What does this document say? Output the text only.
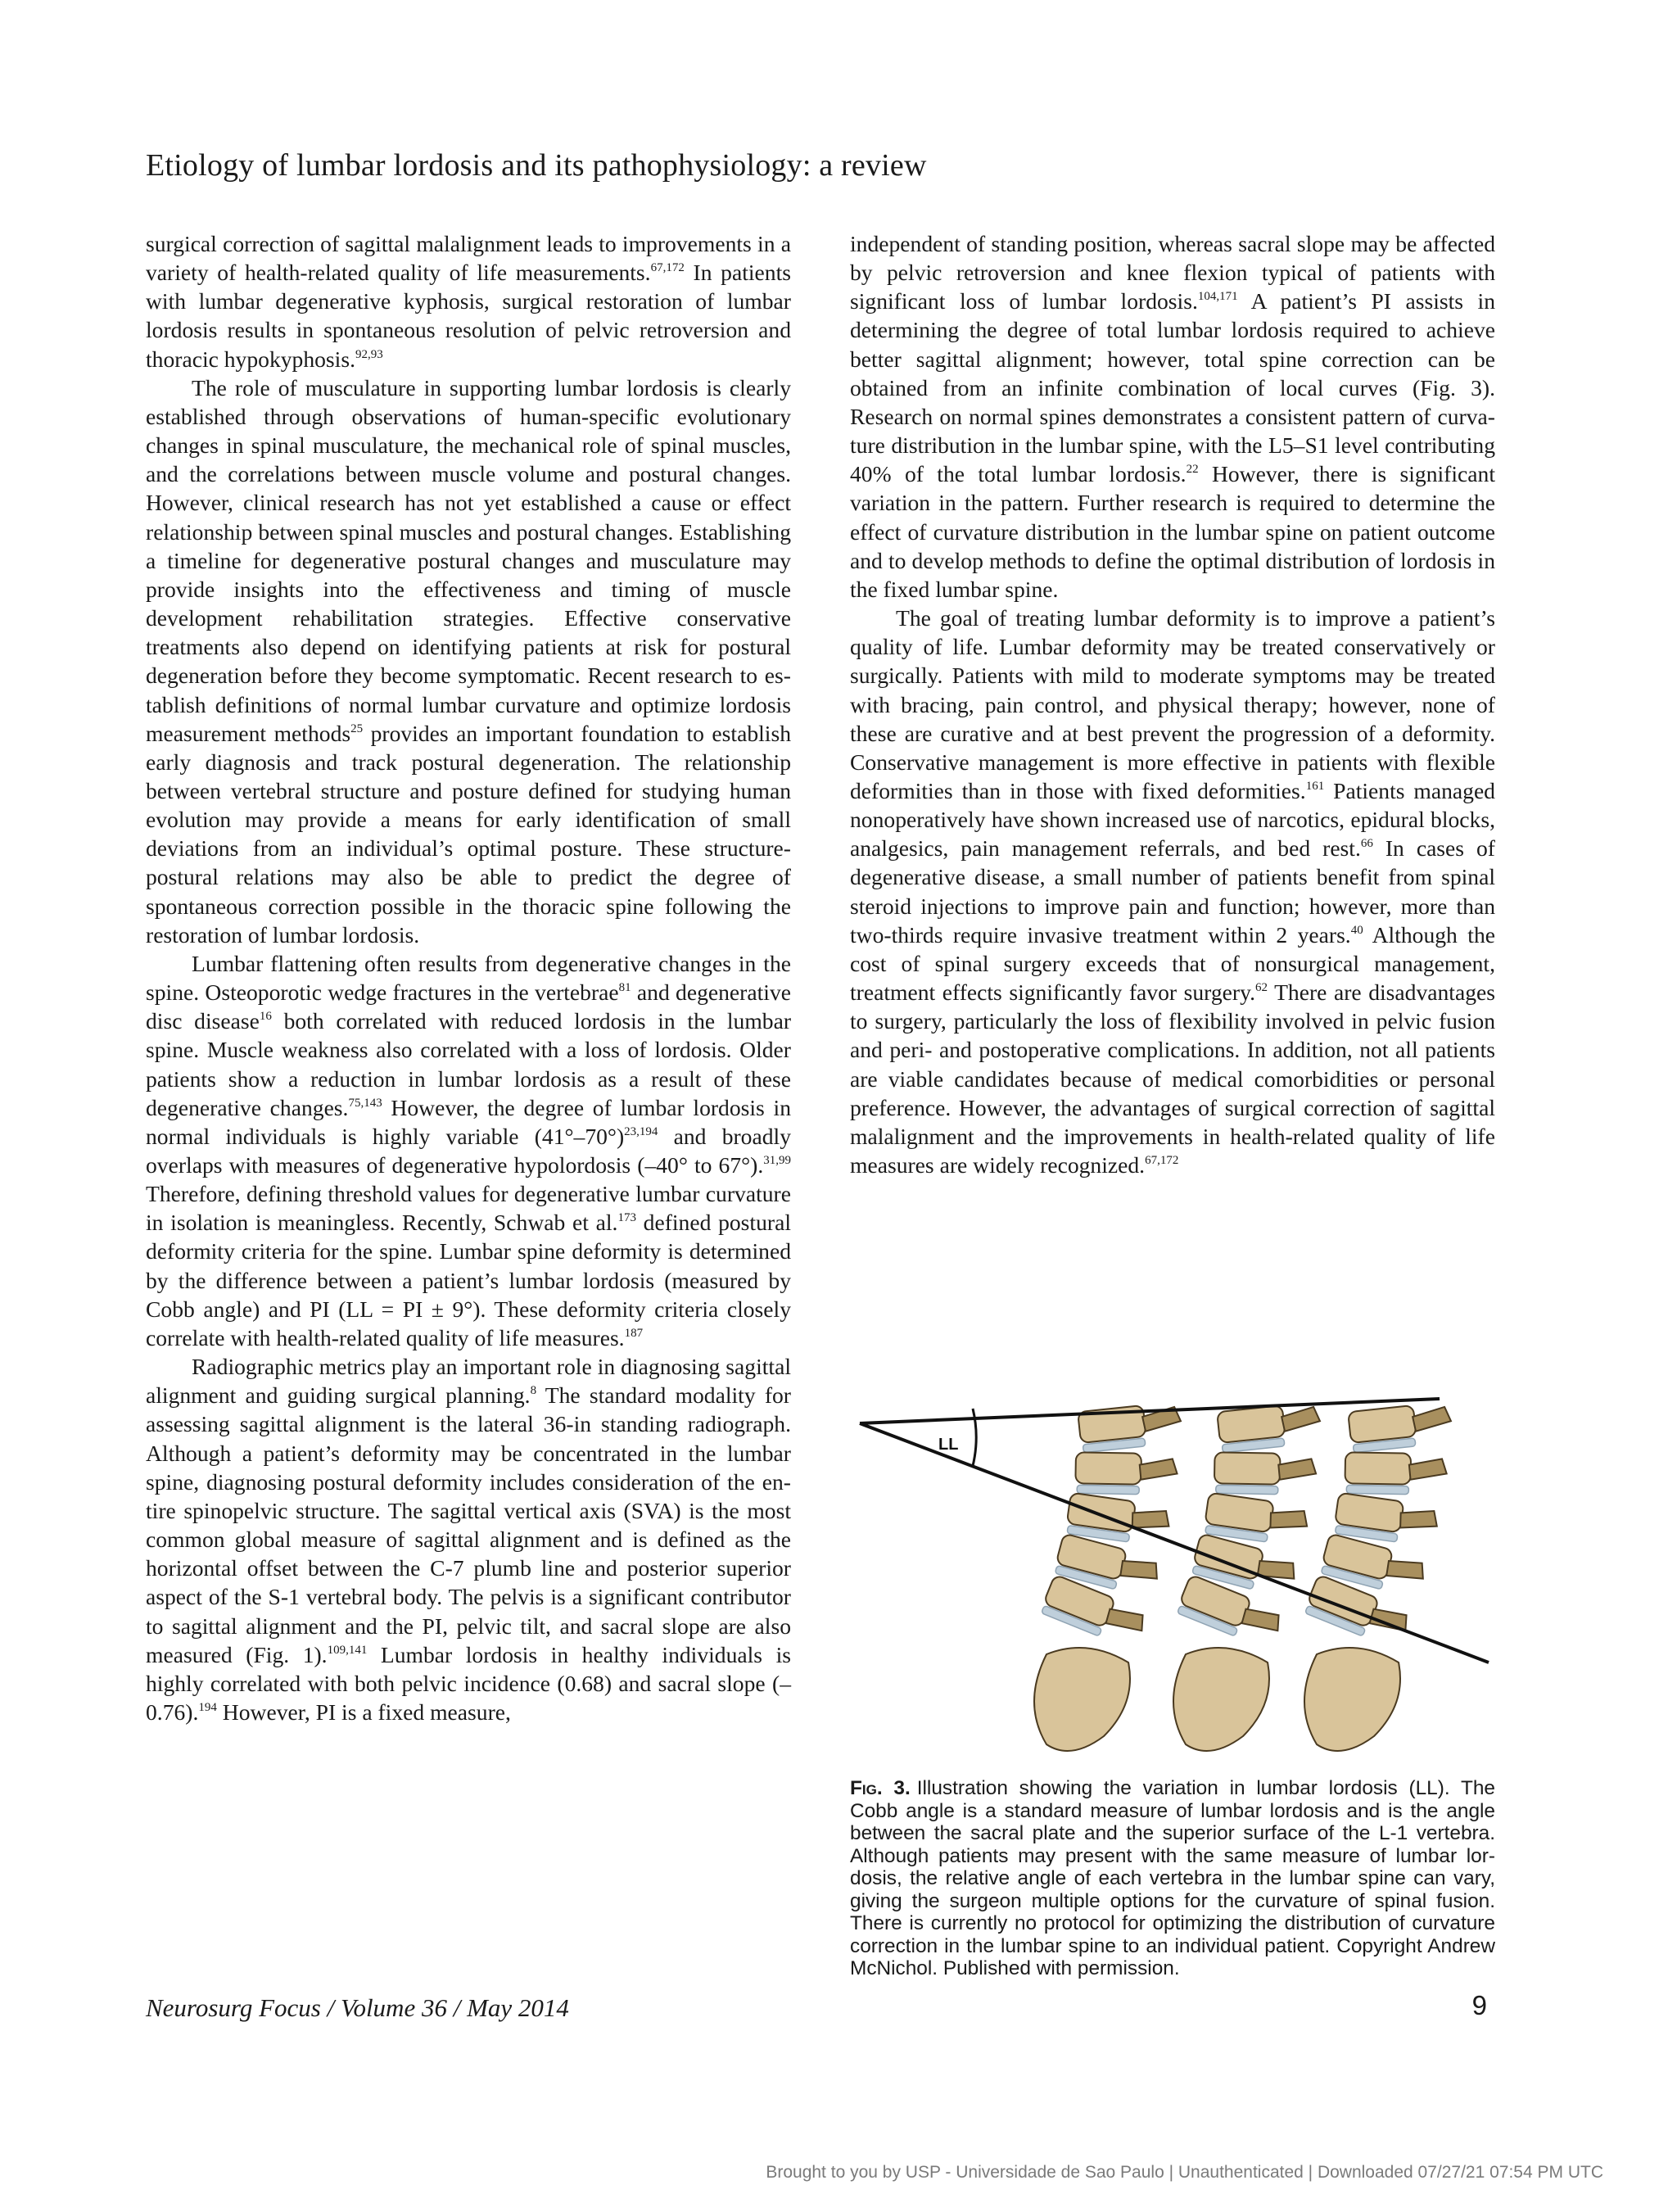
Etiology of lumbar lordosis and its pathophysiology: a review

surgical correction of sagittal malalignment leads to improvements in a variety of health-related quality of life measurements.$^{67,172}$ In patients with lumbar degenerative kyphosis, surgical restoration of lumbar lordosis results in spontaneous resolution of pelvic retroversion and thoracic hypokyphosis.$^{92,93}$

The role of musculature in supporting lumbar lordosis is clearly established through observations of human-specific evolutionary changes in spinal musculature, the mechanical role of spinal muscles, and the correlations between muscle volume and postural changes. However, clinical research has not yet established a cause or effect relationship between spinal muscles and postural changes. Establishing a timeline for degenerative postural changes and musculature may provide insights into the effectiveness and timing of muscle development rehabilitation strategies. Effective conservative treatments also depend on identifying patients at risk for postural degeneration before they become symptomatic. Recent research to establish definitions of normal lumbar curvature and optimize lordosis measurement methods$^{25}$ provides an important foundation to establish early diagnosis and track postural degeneration. The relationship between vertebral structure and posture defined for studying human evolution may provide a means for early identification of small deviations from an individual’s optimal posture. These structure-postural relations may also be able to predict the degree of spontaneous correction possible in the thoracic spine following the restoration of lumbar lordosis.

Lumbar flattening often results from degenerative changes in the spine. Osteoporotic wedge fractures in the vertebrae$^{81}$ and degenerative disc disease$^{16}$ both correlated with reduced lordosis in the lumbar spine. Muscle weakness also correlated with a loss of lordosis. Older patients show a reduction in lumbar lordosis as a result of these degenerative changes.$^{75,143}$ However, the degree of lumbar lordosis in normal individuals is highly variable $(41^\circ-70^\circ)^{23,194}$ and broadly overlaps with measures of degenerative hypolordosis (–40° to 67°).$^{31,99}$ Therefore, defining threshold values for degenerative lumbar curvature in isolation is meaningless. Recently, Schwab et al.$^{173}$ defined postural deformity criteria for the spine. Lumbar spine deformity is determined by the difference between a patient’s lumbar lordosis (measured by Cobb angle) and PI (LL = PI ± 9°). These deformity criteria closely correlate with health-related quality of life measures.$^{187}$

Radiographic metrics play an important role in diagnosing sagittal alignment and guiding surgical planning.$^8$ The standard modality for assessing sagittal alignment is the lateral 36-in standing radiograph. Although a patient’s deformity may be concentrated in the lumbar spine, diagnosing postural deformity includes consideration of the entire spinopelvic structure. The sagittal vertical axis (SVA) is the most common global measure of sagittal alignment and is defined as the horizontal offset between the C-7 plumb line and posterior superior aspect of the S-1 vertebral body. The pelvis is a significant contributor to sagittal alignment and the PI, pelvic tilt, and sacral slope are also measured (Fig. 1).$^{109,141}$ Lumbar lordosis in healthy individuals is highly correlated with both pelvic incidence (0.68) and sacral slope (–0.76).$^{194}$ However, PI is a fixed measure,

independent of standing position, whereas sacral slope may be affected by pelvic retroversion and knee flexion typical of patients with significant loss of lumbar lordosis.$^{104,171}$ A patient’s PI assists in determining the degree of total lumbar lordosis required to achieve better sagittal alignment; however, total spine correction can be obtained from an infinite combination of local curves (Fig. 3). Research on normal spines demonstrates a consistent pattern of curvature distribution in the lumbar spine, with the L5–S1 level contributing 40% of the total lumbar lordosis.$^{22}$ However, there is significant variation in the pattern. Further research is required to determine the effect of curvature distribution in the lumbar spine on patient outcome and to develop methods to define the optimal distribution of lordosis in the fixed lumbar spine.

The goal of treating lumbar deformity is to improve a patient’s quality of life. Lumbar deformity may be treated conservatively or surgically. Patients with mild to moderate symptoms may be treated with bracing, pain control, and physical therapy; however, none of these are curative and at best prevent the progression of a deformity. Conservative management is more effective in patients with flexible deformities than in those with fixed deformities.$^{161}$ Patients managed nonoperatively have shown increased use of narcotics, epidural blocks, analgesics, pain management referrals, and bed rest.$^{66}$ In cases of degenerative disease, a small number of patients benefit from spinal steroid injections to improve pain and function; however, more than two-thirds require invasive treatment within 2 years.$^{40}$ Although the cost of spinal surgery exceeds that of nonsurgical management, treatment effects significantly favor surgery.$^{62}$ There are disadvantages to surgery, particularly the loss of flexibility involved in pelvic fusion and peri- and postoperative complications. In addition, not all patients are viable candidates because of medical comorbidities or personal preference. However, the advantages of surgical correction of sagittal malalignment and the improvements in health-related quality of life measures are widely recognized.$^{67,172}$

LL
Fig. 3. Illustration showing the variation in lumbar lordosis (LL). The Cobb angle is a standard measure of lumbar lordosis and is the angle between the sacral plate and the superior surface of the L-1 vertebra. Although patients may present with the same measure of lumbar lordosis, the relative angle of each vertebra in the lumbar spine can vary, giving the surgeon multiple options for the curvature of spinal fusion. There is currently no protocol for optimizing the distribution of curvature correction in the lumbar spine to an individual patient. Copyright Andrew McNichol. Published with permission.
Neurosurg Focus / Volume 36 / May 2014	9
Brought to you by USP - Universidade de Sao Paulo | Unauthenticated | Downloaded 07/27/21 07:54 PM UTC
